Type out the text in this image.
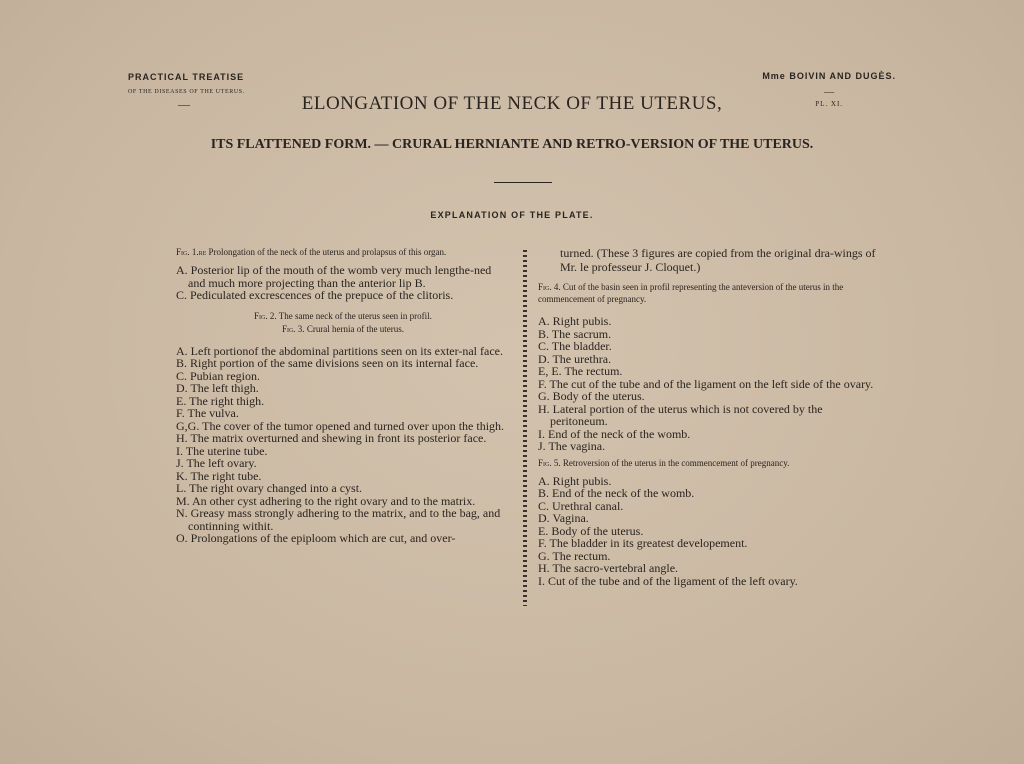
PRACTICAL TREATISE
OF THE DISEASES OF THE UTERUS.
—
Mme BOIVIN AND DUGÈS.
—
PL. XI.
ELONGATION OF THE NECK OF THE UTERUS,
ITS FLATTENED FORM. — CRURAL HERNIANTE AND RETRO-VERSION OF THE UTERUS.
EXPLANATION OF THE PLATE.

Fig. 1.re Prolongation of the neck of the uterus and prolapsus of this organ.

A. Posterior lip of the mouth of the womb very much lengthe-ned and much more projecting than the anterior lip B.
C. Pediculated excrescences of the prepuce of the clitoris.

Fig. 2. The same neck of the uterus seen in profil.

Fig. 3. Crural hernia of the uterus.

A. Left portionof the abdominal partitions seen on its exter-nal face.
B. Right portion of the same divisions seen on its internal face.
C. Pubian region.
D. The left thigh.
E. The right thigh.
F. The vulva.
G,G. The cover of the tumor opened and turned over upon the thigh.
H. The matrix overturned and shewing in front its posterior face.
I. The uterine tube.
J. The left ovary.
K. The right tube.
L. The right ovary changed into a cyst.
M. An other cyst adhering to the right ovary and to the matrix.
N. Greasy mass strongly adhering to the matrix, and to the bag, and continning withit.
O. Prolongations of the epiploom which are cut, and over-
turned. (These 3 figures are copied from the original dra-wings of Mr. le professeur J. Cloquet.)

Fig. 4. Cut of the basin seen in profil representing the anteversion of the uterus in the commencement of pregnancy.

A. Right pubis.
B. The sacrum.
C. The bladder.
D. The urethra.
E, E. The rectum.
F. The cut of the tube and of the ligament on the left side of the ovary.
G. Body of the uterus.
H. Lateral portion of the uterus which is not covered by the peritoneum.
I. End of the neck of the womb.
J. The vagina.

Fig. 5. Retroversion of the uterus in the commencement of pregnancy.

A. Right pubis.
B. End of the neck of the womb.
C. Urethral canal.
D. Vagina.
E. Body of the uterus.
F. The bladder in its greatest developement.
G. The rectum.
H. The sacro-vertebral angle.
I. Cut of the tube and of the ligament of the left ovary.
